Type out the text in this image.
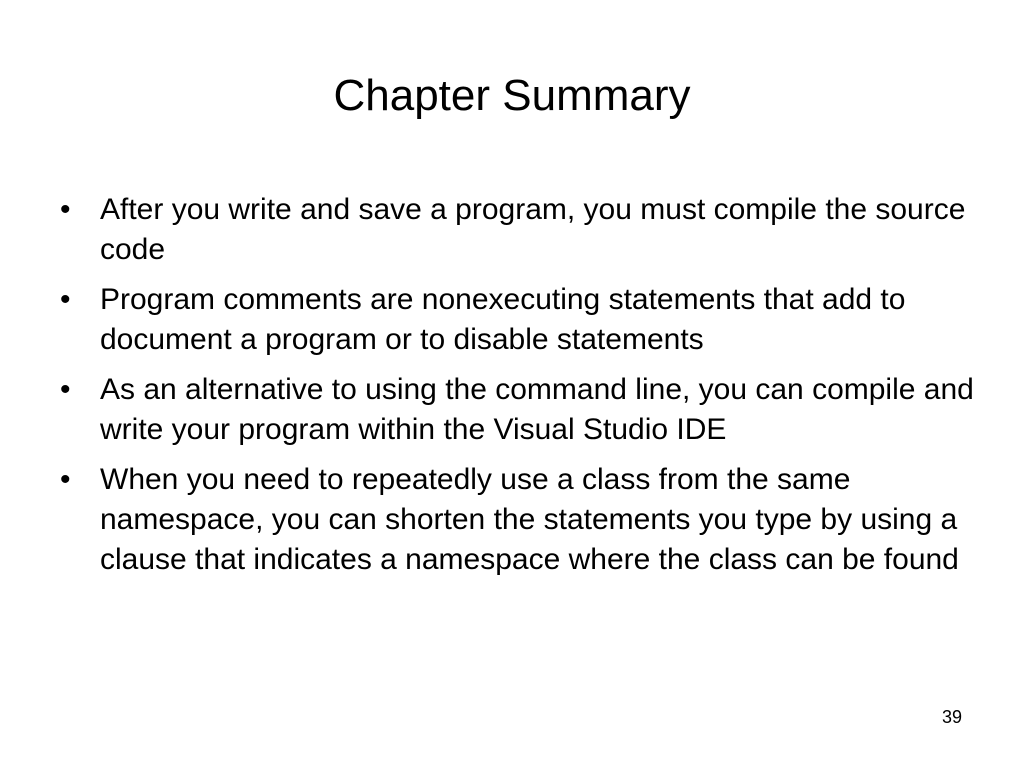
Chapter Summary
• After you write and save a program, you must compile the source code
• Program comments are nonexecuting statements that add to document a program or to disable statements
• As an alternative to using the command line, you can compile and write your program within the Visual Studio IDE
• When you need to repeatedly use a class from the same namespace, you can shorten the statements you type by using a clause that indicates a namespace where the class can be found
39
